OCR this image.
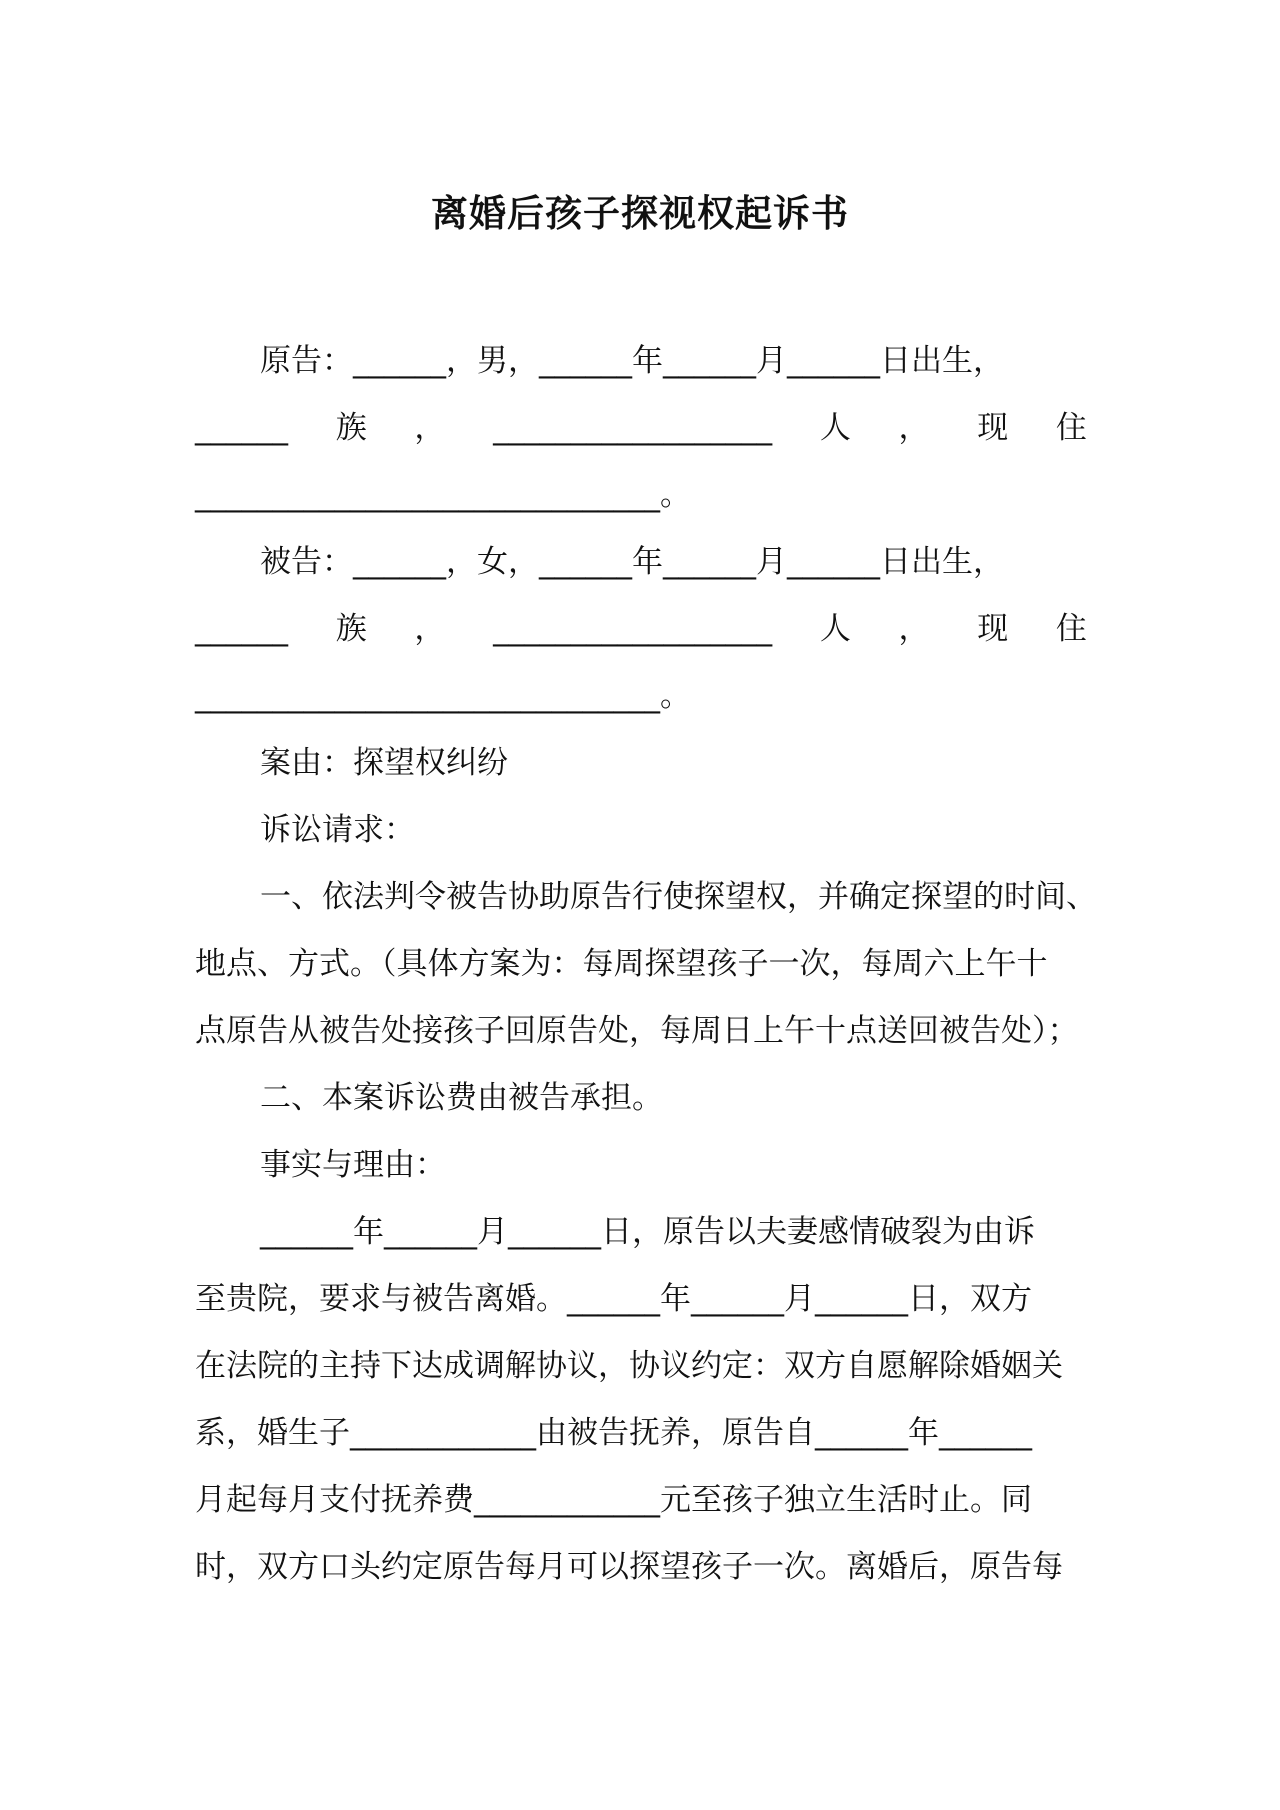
离婚后孩子探视权起诉书
原告：______，男，______年______月______日出生，
______ 族 ， __________________ 人 ， 现 住
______________________________。
被告：______，女，______年______月______日出生，
______ 族 ， __________________ 人 ， 现 住
______________________________。
案由：探望权纠纷
诉讼请求：
一、依法判令被告协助原告行使探望权，并确定探望的时间、
地点、方式。（具体方案为：每周探望孩子一次，每周六上午十
点原告从被告处接孩子回原告处，每周日上午十点送回被告处）；
二、本案诉讼费由被告承担。
事实与理由：
______年______月______日，原告以夫妻感情破裂为由诉
至贵院，要求与被告离婚。______年______月______日，双方
在法院的主持下达成调解协议，协议约定：双方自愿解除婚姻关
系，婚生子____________由被告抚养，原告自______年______
月起每月支付抚养费____________元至孩子独立生活时止。同
时，双方口头约定原告每月可以探望孩子一次。离婚后，原告每
